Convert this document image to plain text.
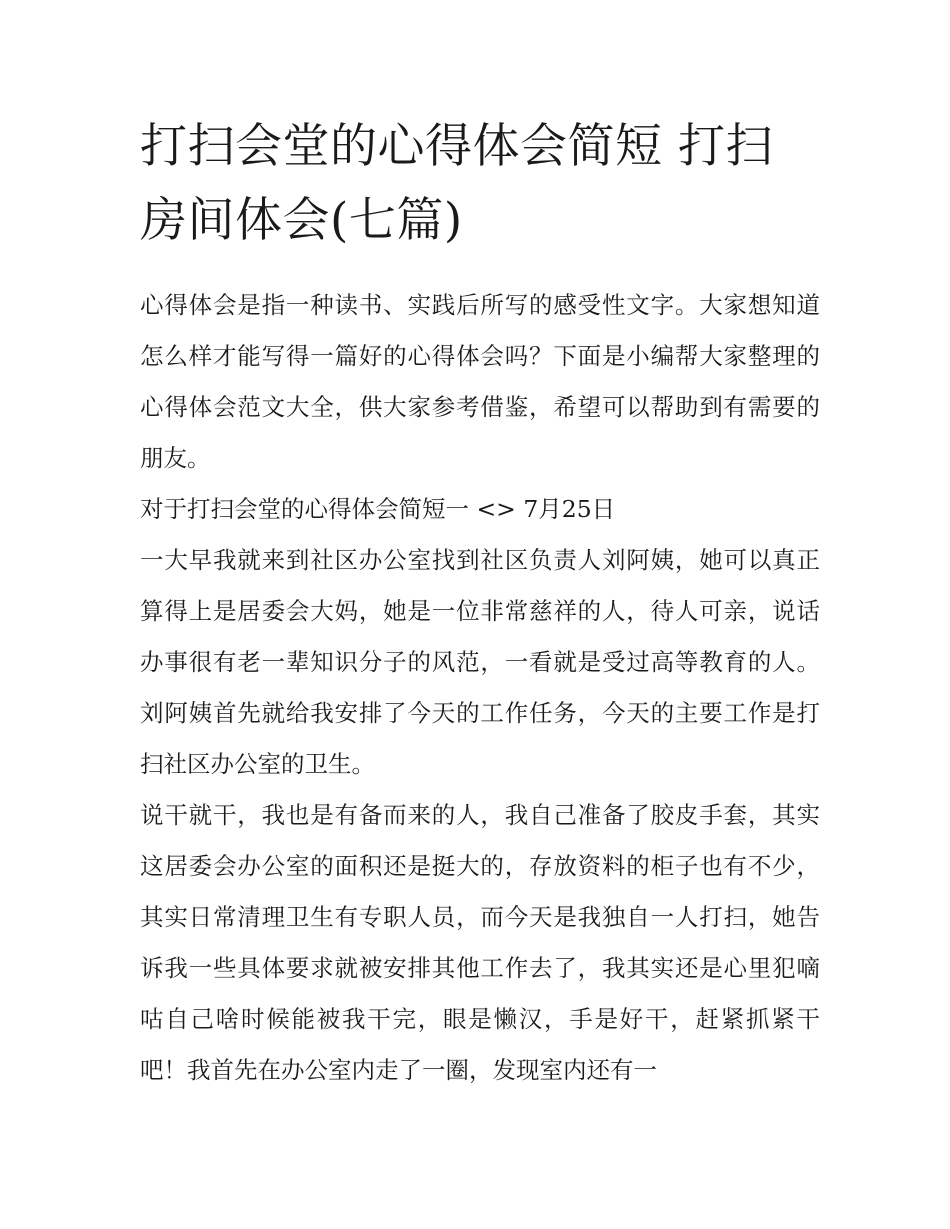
打扫会堂的心得体会简短 打扫房间体会(七篇)

心得体会是指一种读书、实践后所写的感受性文字。大家想知道怎么样才能写得一篇好的心得体会吗？下面是小编帮大家整理的心得体会范文大全，供大家参考借鉴，希望可以帮助到有需要的朋友。

对于打扫会堂的心得体会简短一 <> 7月25日

一大早我就来到社区办公室找到社区负责人刘阿姨，她可以真正算得上是居委会大妈，她是一位非常慈祥的人，待人可亲，说话办事很有老一辈知识分子的风范，一看就是受过高等教育的人。刘阿姨首先就给我安排了今天的工作任务，今天的主要工作是打扫社区办公室的卫生。

说干就干，我也是有备而来的人，我自己准备了胶皮手套，其实这居委会办公室的面积还是挺大的，存放资料的柜子也有不少，其实日常清理卫生有专职人员，而今天是我独自一人打扫，她告诉我一些具体要求就被安排其他工作去了，我其实还是心里犯嘀咕自己啥时候能被我干完，眼是懒汉，手是好干，赶紧抓紧干吧！我首先在办公室内走了一圈，发现室内还有一
